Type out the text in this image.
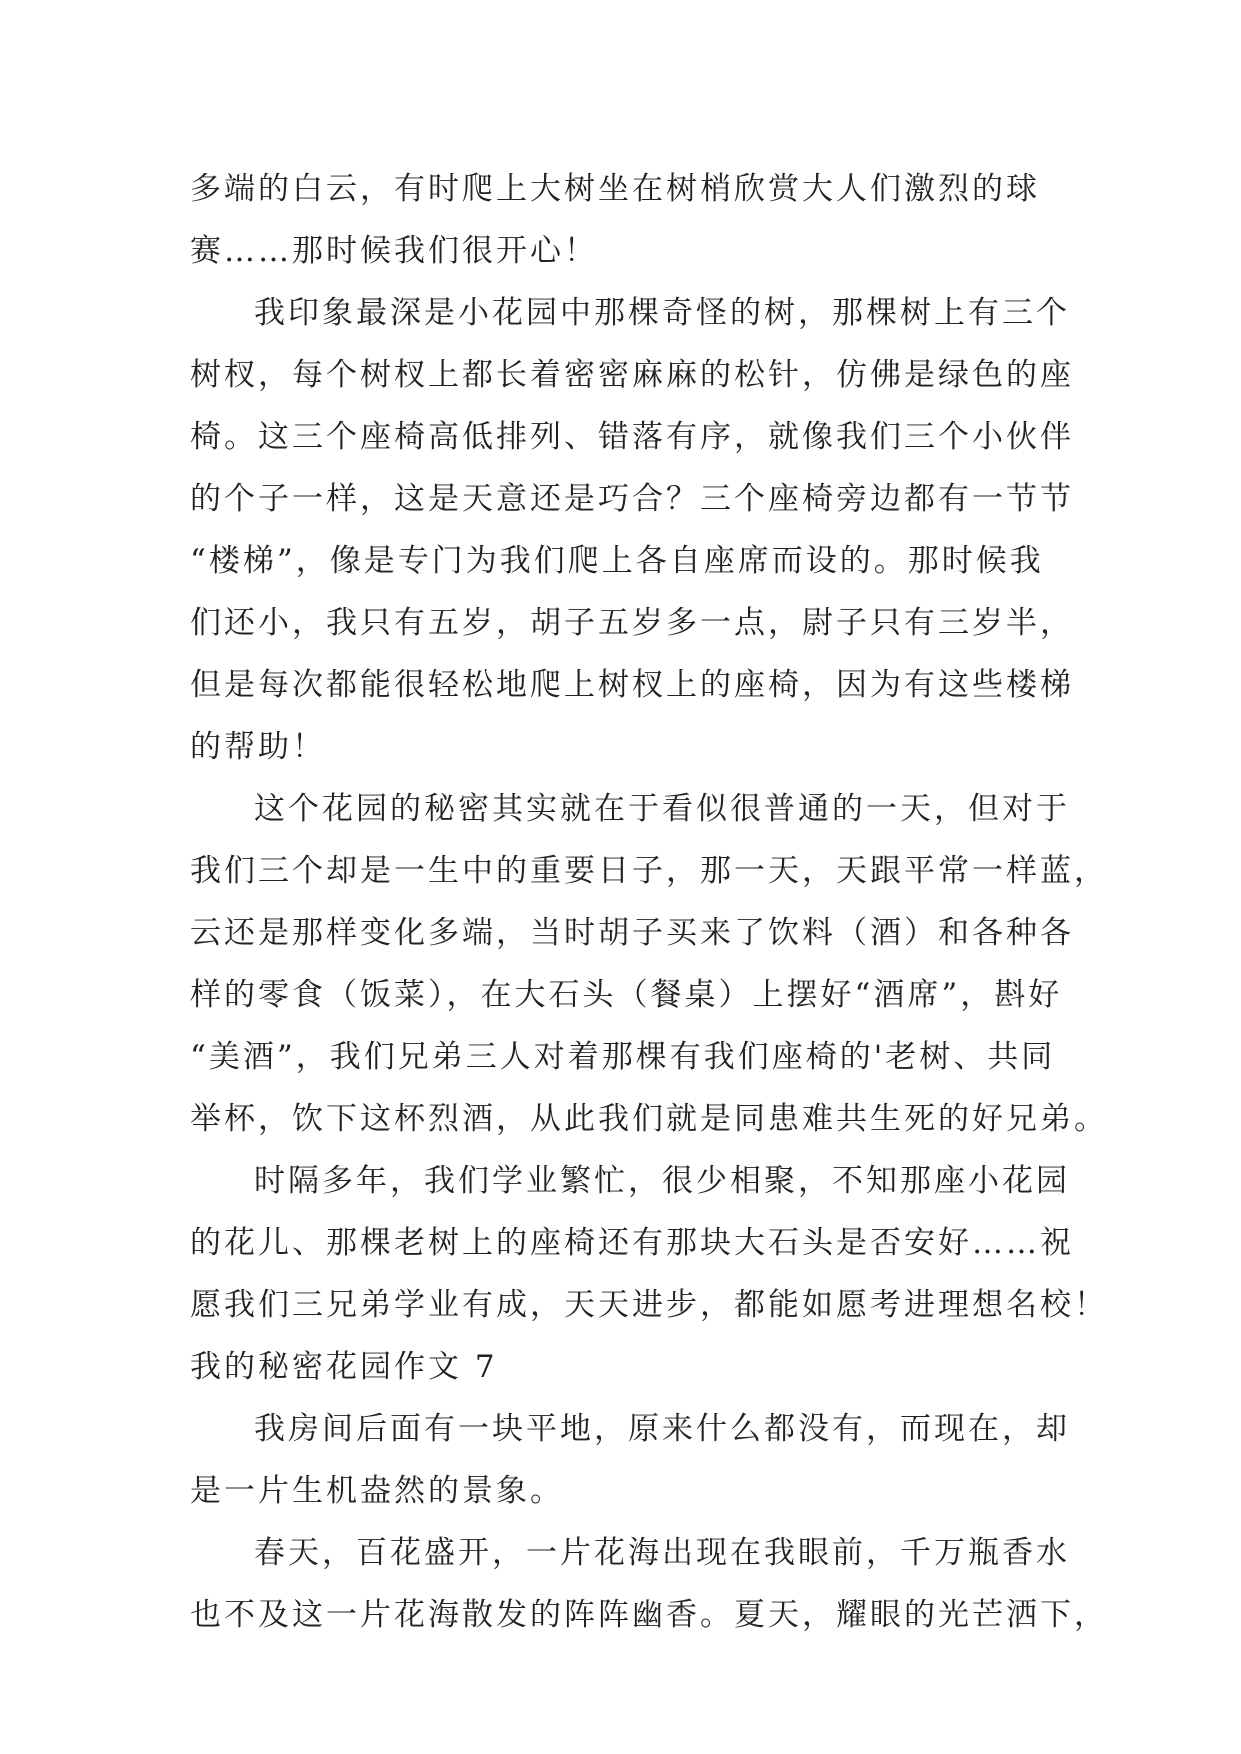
多端的白云，有时爬上大树坐在树梢欣赏大人们激烈的球
赛……那时候我们很开心！
我印象最深是小花园中那棵奇怪的树，那棵树上有三个
树杈，每个树杈上都长着密密麻麻的松针，仿佛是绿色的座
椅。这三个座椅高低排列、错落有序，就像我们三个小伙伴
的个子一样，这是天意还是巧合？三个座椅旁边都有一节节
“楼梯”，像是专门为我们爬上各自座席而设的。那时候我
们还小，我只有五岁，胡子五岁多一点，尉子只有三岁半，
但是每次都能很轻松地爬上树杈上的座椅，因为有这些楼梯
的帮助！
这个花园的秘密其实就在于看似很普通的一天，但对于
我们三个却是一生中的重要日子，那一天，天跟平常一样蓝，
云还是那样变化多端，当时胡子买来了饮料（酒）和各种各
样的零食（饭菜），在大石头（餐桌）上摆好“酒席”，斟好
“美酒”，我们兄弟三人对着那棵有我们座椅的'老树、共同
举杯，饮下这杯烈酒，从此我们就是同患难共生死的好兄弟。
时隔多年，我们学业繁忙，很少相聚，不知那座小花园
的花儿、那棵老树上的座椅还有那块大石头是否安好……祝
愿我们三兄弟学业有成，天天进步，都能如愿考进理想名校！
我的秘密花园作文 7
我房间后面有一块平地，原来什么都没有，而现在，却
是一片生机盎然的景象。
春天，百花盛开，一片花海出现在我眼前，千万瓶香水
也不及这一片花海散发的阵阵幽香。夏天，耀眼的光芒洒下，
